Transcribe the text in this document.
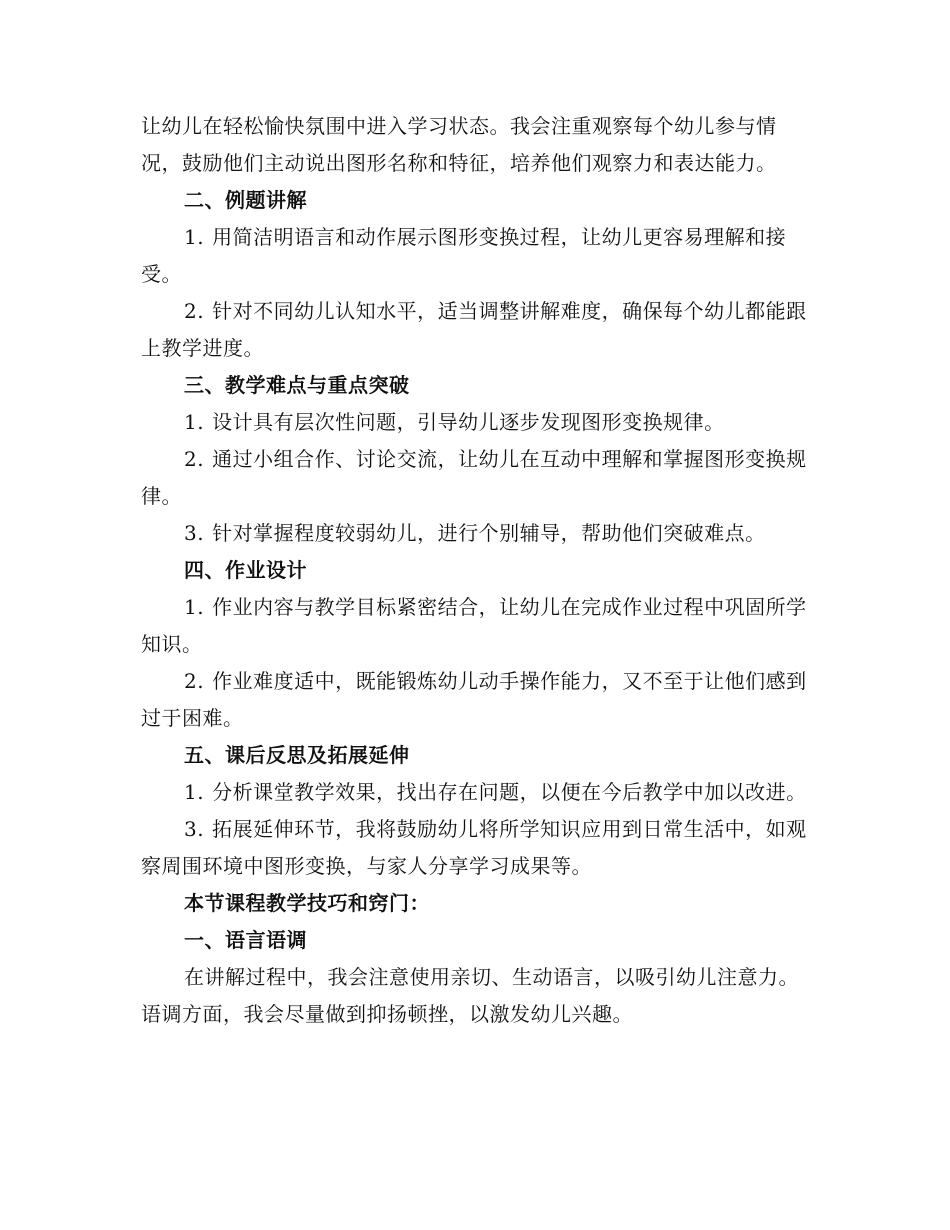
让幼儿在轻松愉快氛围中进入学习状态。我会注重观察每个幼儿参与情况，鼓励他们主动说出图形名称和特征，培养他们观察力和表达能力。

二、例题讲解

1. 用简洁明语言和动作展示图形变换过程，让幼儿更容易理解和接受。

2. 针对不同幼儿认知水平，适当调整讲解难度，确保每个幼儿都能跟上教学进度。

三、教学难点与重点突破

1. 设计具有层次性问题，引导幼儿逐步发现图形变换规律。

2. 通过小组合作、讨论交流，让幼儿在互动中理解和掌握图形变换规律。

3. 针对掌握程度较弱幼儿，进行个别辅导，帮助他们突破难点。

四、作业设计

1. 作业内容与教学目标紧密结合，让幼儿在完成作业过程中巩固所学知识。

2. 作业难度适中，既能锻炼幼儿动手操作能力，又不至于让他们感到过于困难。

五、课后反思及拓展延伸

1. 分析课堂教学效果，找出存在问题，以便在今后教学中加以改进。

3. 拓展延伸环节，我将鼓励幼儿将所学知识应用到日常生活中，如观察周围环境中图形变换，与家人分享学习成果等。

本节课程教学技巧和窍门：

一、语言语调

在讲解过程中，我会注意使用亲切、生动语言，以吸引幼儿注意力。语调方面，我会尽量做到抑扬顿挫，以激发幼儿兴趣。
